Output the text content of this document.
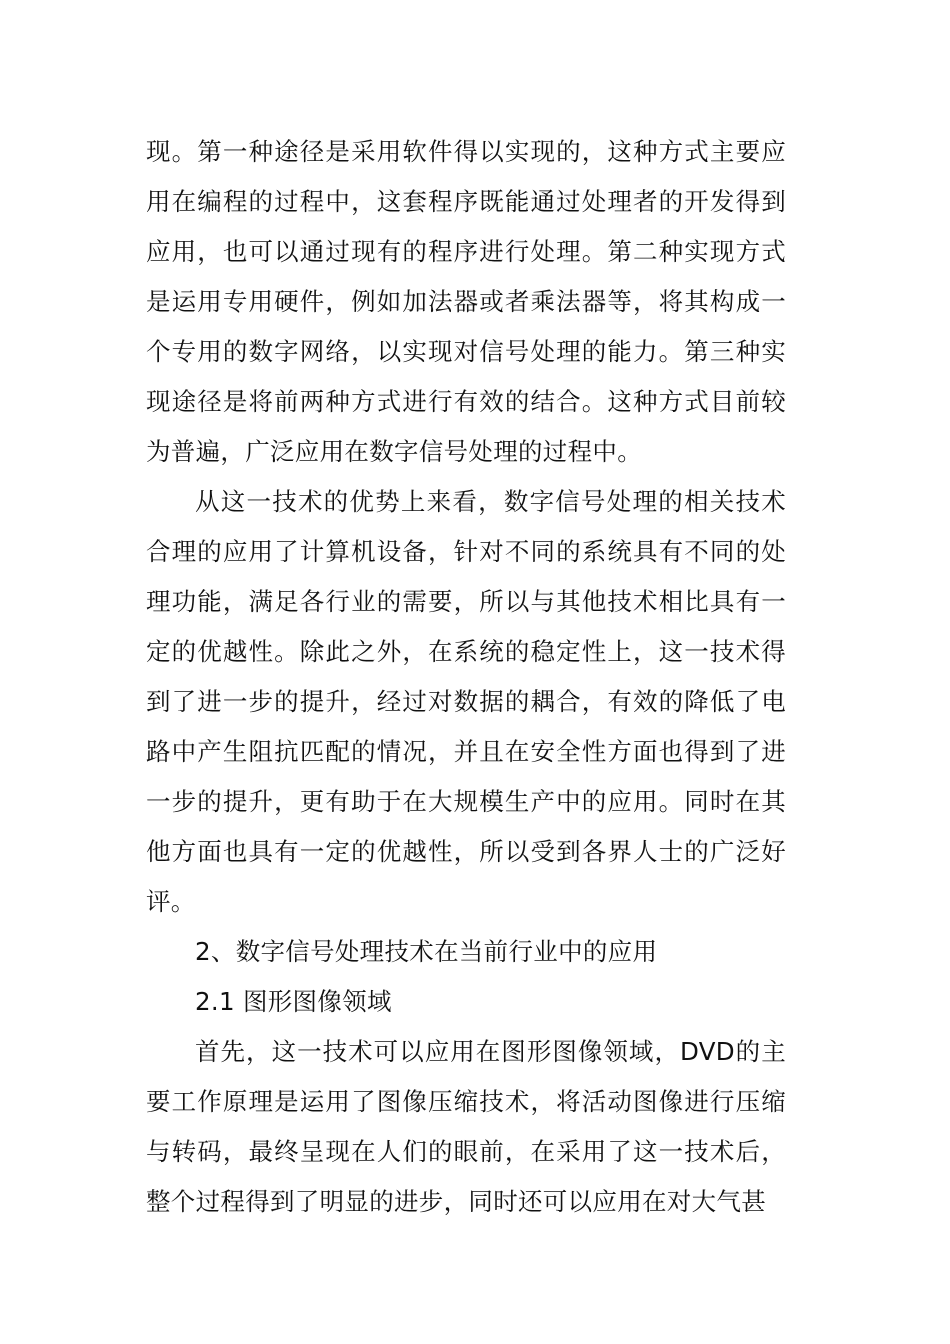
现。第一种途径是采用软件得以实现的，这种方式主要应用在编程的过程中，这套程序既能通过处理者的开发得到应用，也可以通过现有的程序进行处理。第二种实现方式是运用专用硬件，例如加法器或者乘法器等，将其构成一个专用的数字网络，以实现对信号处理的能力。第三种实现途径是将前两种方式进行有效的结合。这种方式目前较为普遍，广泛应用在数字信号处理的过程中。

从这一技术的优势上来看，数字信号处理的相关技术合理的应用了计算机设备，针对不同的系统具有不同的处理功能，满足各行业的需要，所以与其他技术相比具有一定的优越性。除此之外，在系统的稳定性上，这一技术得到了进一步的提升，经过对数据的耦合，有效的降低了电路中产生阻抗匹配的情况，并且在安全性方面也得到了进一步的提升，更有助于在大规模生产中的应用。同时在其他方面也具有一定的优越性，所以受到各界人士的广泛好评。

2、数字信号处理技术在当前行业中的应用

2.1 图形图像领域

首先，这一技术可以应用在图形图像领域，DVD的主要工作原理是运用了图像压缩技术，将活动图像进行压缩与转码，最终呈现在人们的眼前，在采用了这一技术后，整个过程得到了明显的进步，同时还可以应用在对大气甚
